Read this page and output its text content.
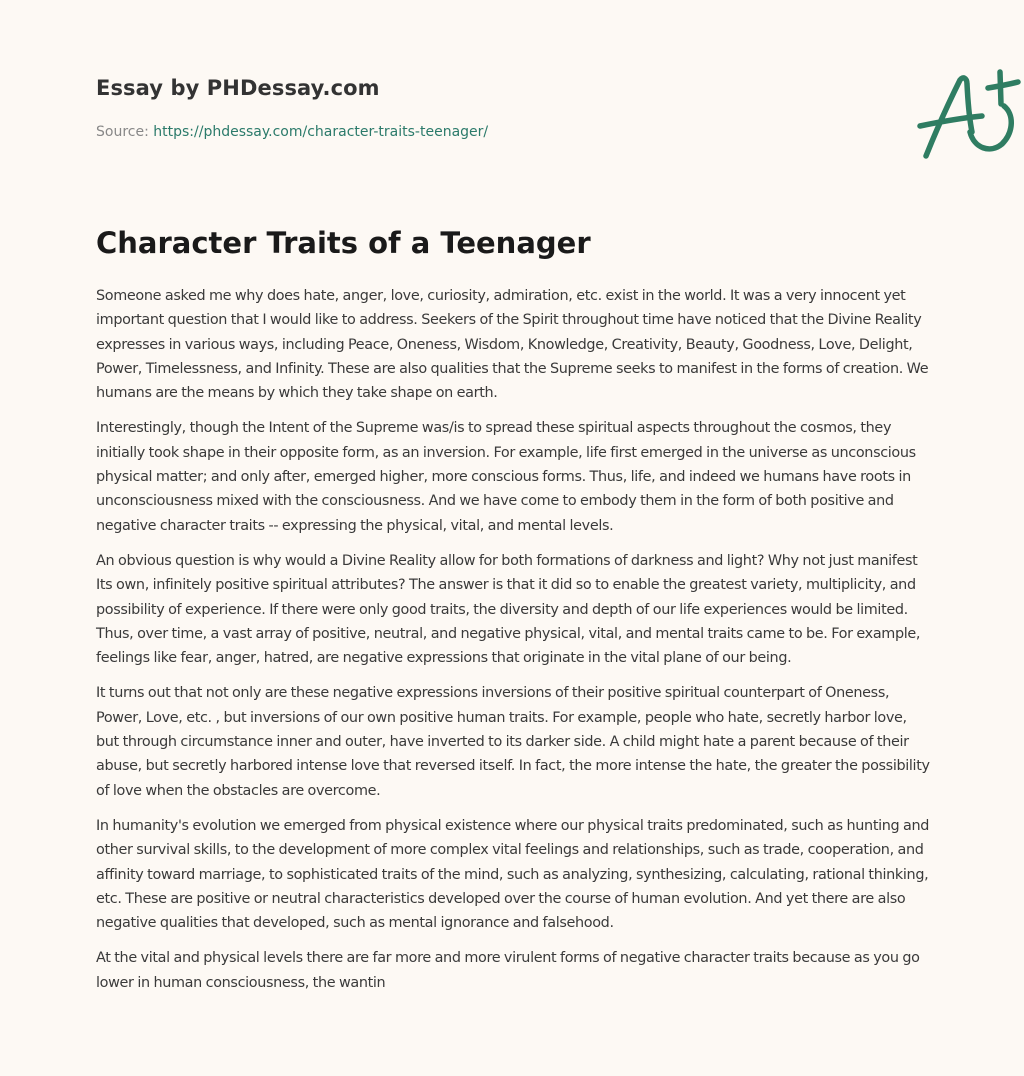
Essay by PHDessay.com
Source: https://phdessay.com/character-traits-teenager/
Character Traits of a Teenager

Someone asked me why does hate, anger, love, curiosity, admiration, etc. exist in the world. It was a very innocent yet important question that I would like to address. Seekers of the Spirit throughout time have noticed that the Divine Reality expresses in various ways, including Peace, Oneness, Wisdom, Knowledge, Creativity, Beauty, Goodness, Love, Delight, Power, Timelessness, and Infinity. These are also qualities that the Supreme seeks to manifest in the forms of creation. We humans are the means by which they take shape on earth.

Interestingly, though the Intent of the Supreme was/is to spread these spiritual aspects throughout the cosmos, they initially took shape in their opposite form, as an inversion. For example, life first emerged in the universe as unconscious physical matter; and only after, emerged higher, more conscious forms. Thus, life, and indeed we humans have roots in unconsciousness mixed with the consciousness. And we have come to embody them in the form of both positive and negative character traits -- expressing the physical, vital, and mental levels.

An obvious question is why would a Divine Reality allow for both formations of darkness and light? Why not just manifest Its own, infinitely positive spiritual attributes? The answer is that it did so to enable the greatest variety, multiplicity, and possibility of experience. If there were only good traits, the diversity and depth of our life experiences would be limited. Thus, over time, a vast array of positive, neutral, and negative physical, vital, and mental traits came to be. For example, feelings like fear, anger, hatred, are negative expressions that originate in the vital plane of our being.

It turns out that not only are these negative expressions inversions of their positive spiritual counterpart of Oneness, Power, Love, etc. , but inversions of our own positive human traits. For example, people who hate, secretly harbor love, but through circumstance inner and outer, have inverted to its darker side. A child might hate a parent because of their abuse, but secretly harbored intense love that reversed itself. In fact, the more intense the hate, the greater the possibility of love when the obstacles are overcome.

In humanity's evolution we emerged from physical existence where our physical traits predominated, such as hunting and other survival skills, to the development of more complex vital feelings and relationships, such as trade, cooperation, and affinity toward marriage, to sophisticated traits of the mind, such as analyzing, synthesizing, calculating, rational thinking, etc. These are positive or neutral characteristics developed over the course of human evolution. And yet there are also negative qualities that developed, such as mental ignorance and falsehood.

At the vital and physical levels there are far more and more virulent forms of negative character traits because as you go lower in human consciousness, the wantin
